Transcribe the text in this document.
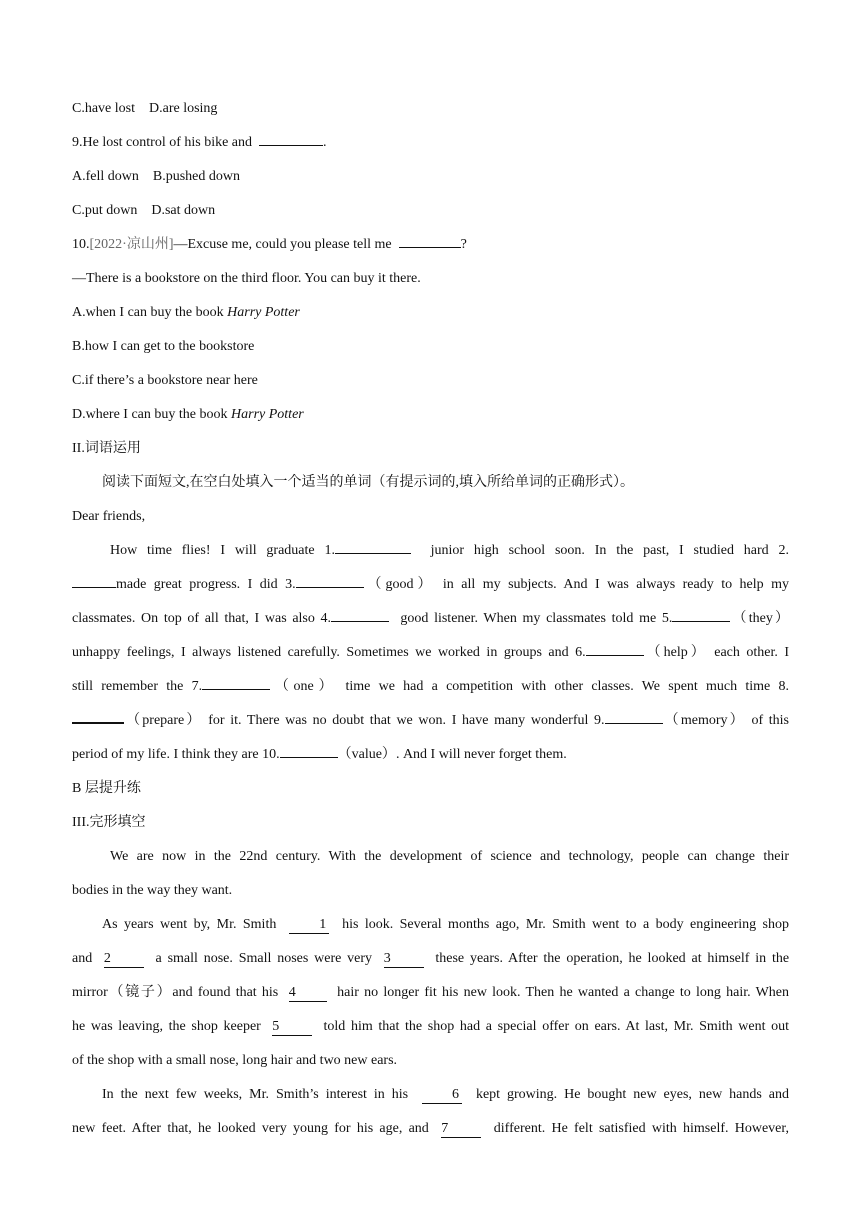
C.have lost D.are losing

9.He lost control of his bike and	.

A.fell down B.pushed down

C.put down D.sat down

10.[2022·凉山州]—Excuse me, could you please tell me	?

—There is a bookstore on the third floor. You can buy it there.

A.when I can buy the book Harry Potter

B.how I can get to the bookstore

C.if there’s a bookstore near here

D.where I can buy the book Harry Potter

II.词语运用

阅读下面短文,在空白处填入一个适当的单词（有提示词的,填入所给单词的正确形式）。

Dear friends,

How time flies! I will graduate 1.	junior high school soon. In the past, I studied hard 2.

made great progress. I did 3.	（good） in all my subjects. And I was always ready to help my

classmates. On top of all that, I was also 4.	good listener. When my classmates told me 5.	（they）

unhappy feelings, I always listened carefully. Sometimes we worked in groups and 6.	（help） each other. I

still remember the 7.	（one） time we had a competition with other classes. We spent much time 8.

（prepare） for it. There was no doubt that we won. I have many wonderful 9.	（memory） of this

period of my life. I think they are 10.	（value）. And I will never forget them.

B 层提升练

III.完形填空

We are now in the 22nd century. With the development of science and technology, people can change their

bodies in the way they want.

As years went by, Mr. Smith	1 his look. Several months ago, Mr. Smith went to a body engineering shop

and 2	a small nose. Small noses were very 3	these years. After the operation, he looked at himself in the

mirror（镜子）and found that his 4	hair no longer fit his new look. Then he wanted a change to long hair. When

he was leaving, the shop keeper 5	told him that the shop had a special offer on ears. At last, Mr. Smith went out

of the shop with a small nose, long hair and two new ears.

In the next few weeks, Mr. Smith’s interest in his	6 kept growing. He bought new eyes, new hands and

new feet. After that, he looked very young for his age, and 7	different. He felt satisfied with himself. However,
